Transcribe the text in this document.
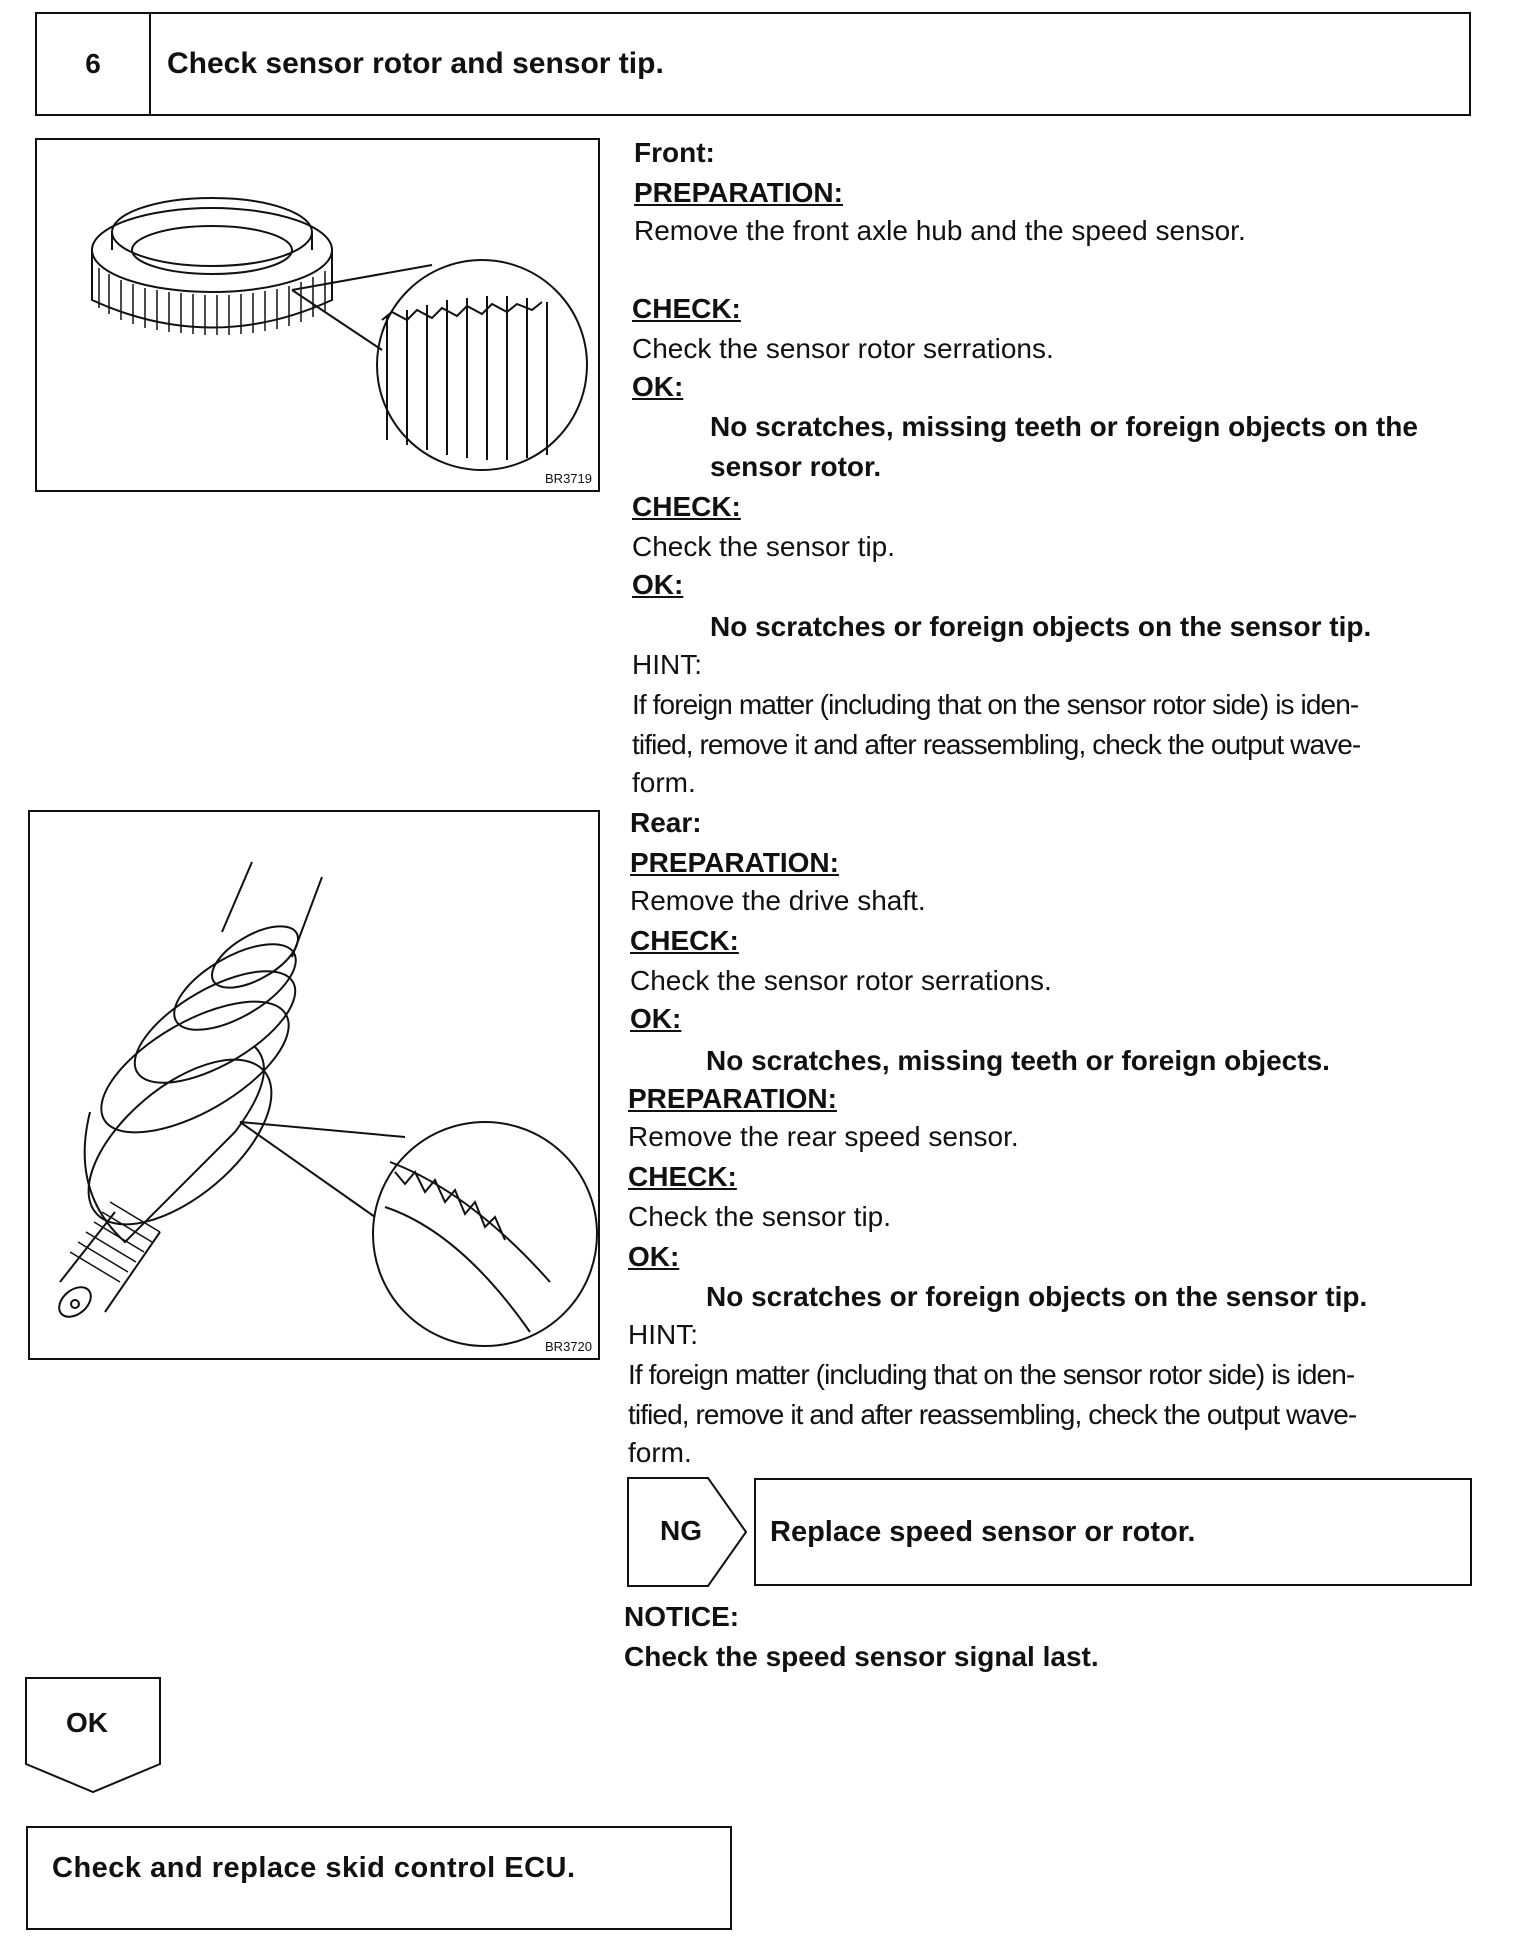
6	Check sensor rotor and sensor tip.
BR3719
BR3720
Front:
PREPARATION:
Remove the front axle hub and the speed sensor.
CHECK:
Check the sensor rotor serrations.
OK:
No scratches, missing teeth or foreign objects on the
sensor rotor.
CHECK:
Check the sensor tip.
OK:
No scratches or foreign objects on the sensor tip.
HINT:
If foreign matter (including that on the sensor rotor side) is iden-
tified, remove it and after reassembling, check the output wave-
form.
Rear:
PREPARATION:
Remove the drive shaft.
CHECK:
Check the sensor rotor serrations.
OK:
No scratches, missing teeth or foreign objects.
PREPARATION:
Remove the rear speed sensor.
CHECK:
Check the sensor tip.
OK:
No scratches or foreign objects on the sensor tip.
HINT:
If foreign matter (including that on the sensor rotor side) is iden-
tified, remove it and after reassembling, check the output wave-
form.
NG Replace speed sensor or rotor.
NOTICE:
Check the speed sensor signal last.
OK
Check and replace skid control ECU.
